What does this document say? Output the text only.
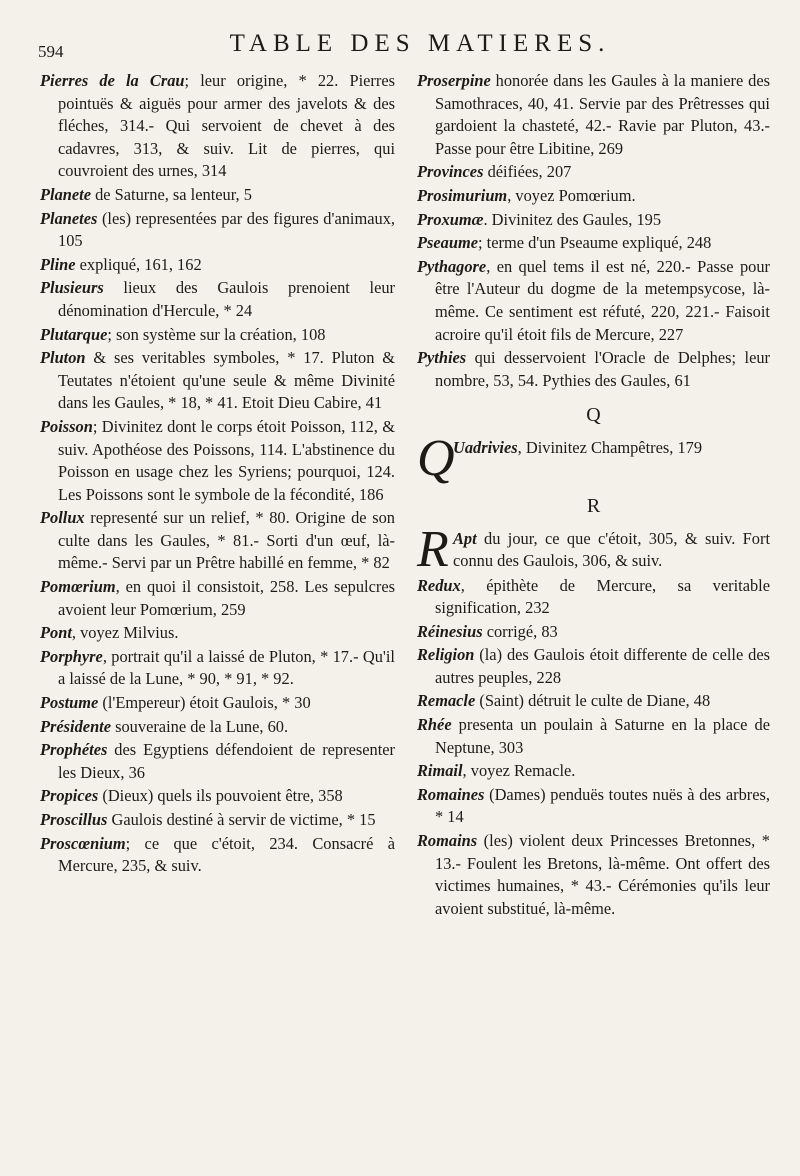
594	TABLE DES MATIERES.
Pierres de la Crau; leur origine, * 22. Pierres pointuës & aiguës pour armer des javelots & des fléches, 314.- Qui servoient de chevet à des cadavres, 313, & suiv. Lit de pierres, qui couvroient des urnes, 314
Planete de Saturne, sa lenteur, 5
Planetes (les) representées par des figures d'animaux, 105
Pline expliqué, 161, 162
Plusieurs lieux des Gaulois prenoient leur dénomination d'Hercule, * 24
Plutarque; son système sur la création, 108
Pluton & ses veritables symboles, * 17. Pluton & Teutates n'étoient qu'une seule & même Divinité dans les Gaules, * 18, * 41. Etoit Dieu Cabire, 41
Poisson; Divinitez dont le corps étoit Poisson, 112, & suiv. Apothéose des Poissons, 114. L'abstinence du Poisson en usage chez les Syriens; pourquoi, 124. Les Poissons sont le symbole de la fécondité, 186
Pollux representé sur un relief, * 80. Origine de son culte dans les Gaules, * 81.- Sorti d'un œuf, là-même.- Servi par un Prêtre habillé en femme, * 82
Pomœrium, en quoi il consistoit, 258. Les sepulcres avoient leur Pomœrium, 259
Pont, voyez Milvius.
Porphyre, portrait qu'il a laissé de Pluton, * 17.- Qu'il a laissé de la Lune, * 90, * 91, * 92.
Postume (l'Empereur) étoit Gaulois, * 30
Présidente souveraine de la Lune, 60.
Prophétes des Egyptiens défendoient de representer les Dieux, 36
Propices (Dieux) quels ils pouvoient être, 358
Proscillus Gaulois destiné à servir de victime, * 15
Proscœnium; ce que c'étoit, 234. Consacré à Mercure, 235, & suiv.
Proserpine honorée dans les Gaules à la maniere des Samothraces, 40, 41. Servie par des Prêtresses qui gardoient la chasteté, 42.- Ravie par Pluton, 43.- Passe pour être Libitine, 269
Provinces déifiées, 207
Prosimurium, voyez Pomœrium.
Proxumæ. Divinitez des Gaules, 195
Pseaume; terme d'un Pseaume expliqué, 248
Pythagore, en quel tems il est né, 220.- Passe pour être l'Auteur du dogme de la metempsycose, là-même. Ce sentiment est réfuté, 220, 221.- Faisoit acroire qu'il étoit fils de Mercure, 227
Pythies qui desservoient l'Oracle de Delphes; leur nombre, 53, 54. Pythies des Gaules, 61
Q
Q
Uadrivies, Divinitez Champêtres, 179
R
R Apt du jour, ce que c'étoit, 305, & suiv. Fort connu des Gaulois, 306, & suiv.
Redux, épithète de Mercure, sa veritable signification, 232
Réinesius corrigé, 83
Religion (la) des Gaulois étoit differente de celle des autres peuples, 228
Remacle (Saint) détruit le culte de Diane, 48
Rhée presenta un poulain à Saturne en la place de Neptune, 303
Rimail, voyez Remacle.
Romaines (Dames) penduës toutes nuës à des arbres, * 14
Romains (les) violent deux Princesses Bretonnes, * 13.- Foulent les Bretons, là-même. Ont offert des victimes humaines, * 43.- Cérémonies qu'ils leur avoient substitué, là-même.
